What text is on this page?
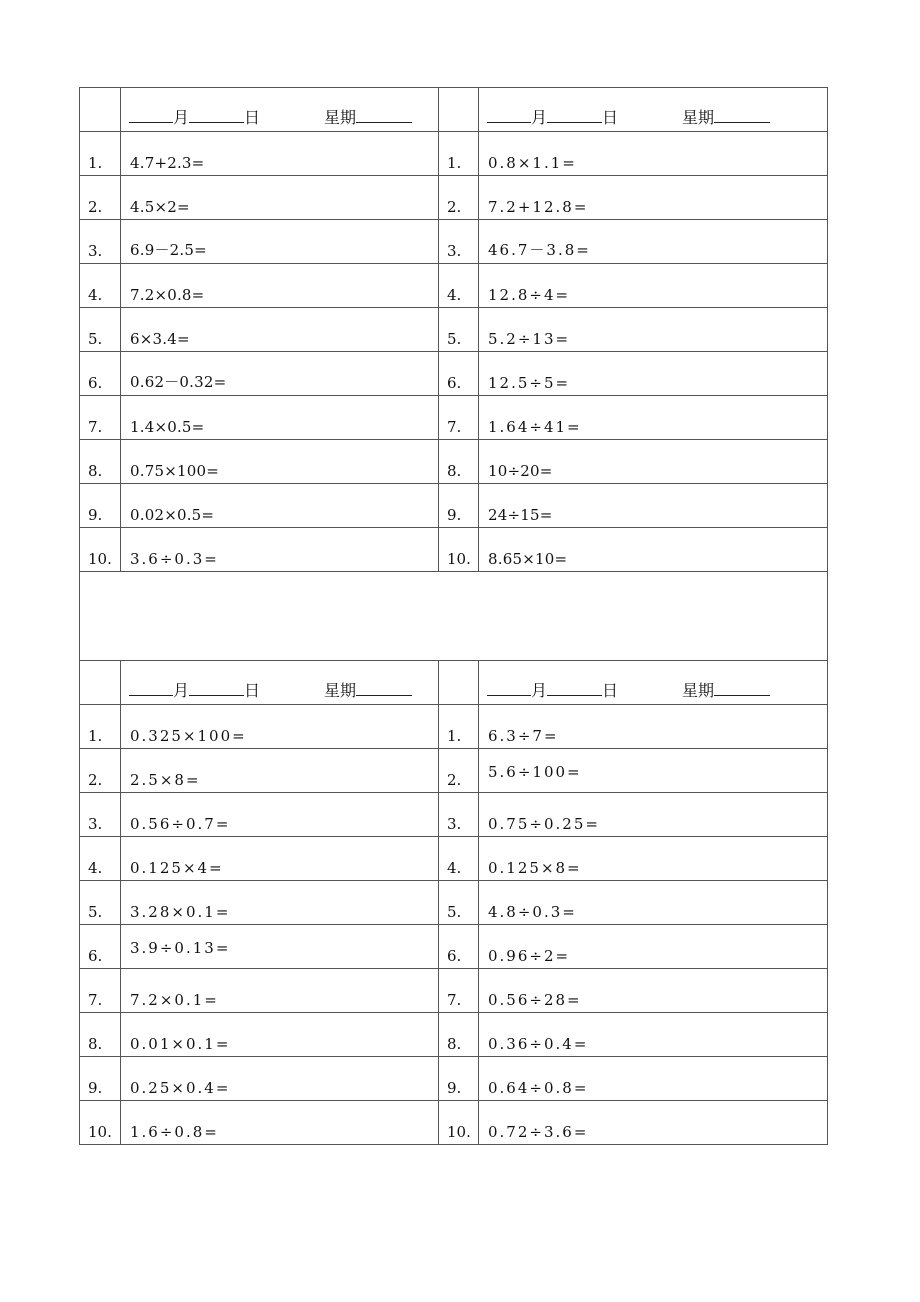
	月 日 星期		月 日 星期

1.	4.7+2.3=	1.	0.8×1.1=

2.	4.5×2=	2.	7.2+12.8=

3.	6.9－2.5=	3.	46.7－3.8=

4.	7.2×0.8=	4.	12.8÷4=

5.	6×3.4=	5.	5.2÷13=

6.	0.62－0.32=	6.	12.5÷5=

7.	1.4×0.5=	7.	1.64÷41=

8.	0.75×100=	8.	10÷20=

9.	0.02×0.5=	9.	24÷15=

10.	3.6÷0.3=	10.	8.65×10=

	月 日 星期		月 日 星期

1.	0.325×100=	1.	6.3÷7=

2.	2.5×8=	2.	5.6÷100=

3.	0.56÷0.7=	3.	0.75÷0.25=

4.	0.125×4=	4.	0.125×8=

5.	3.28×0.1=	5.	4.8÷0.3=

6.	3.9÷0.13=	6.	0.96÷2=

7.	7.2×0.1=	7.	0.56÷28=

8.	0.01×0.1=	8.	0.36÷0.4=

9.	0.25×0.4=	9.	0.64÷0.8=

10.	1.6÷0.8=	10.	0.72÷3.6=
